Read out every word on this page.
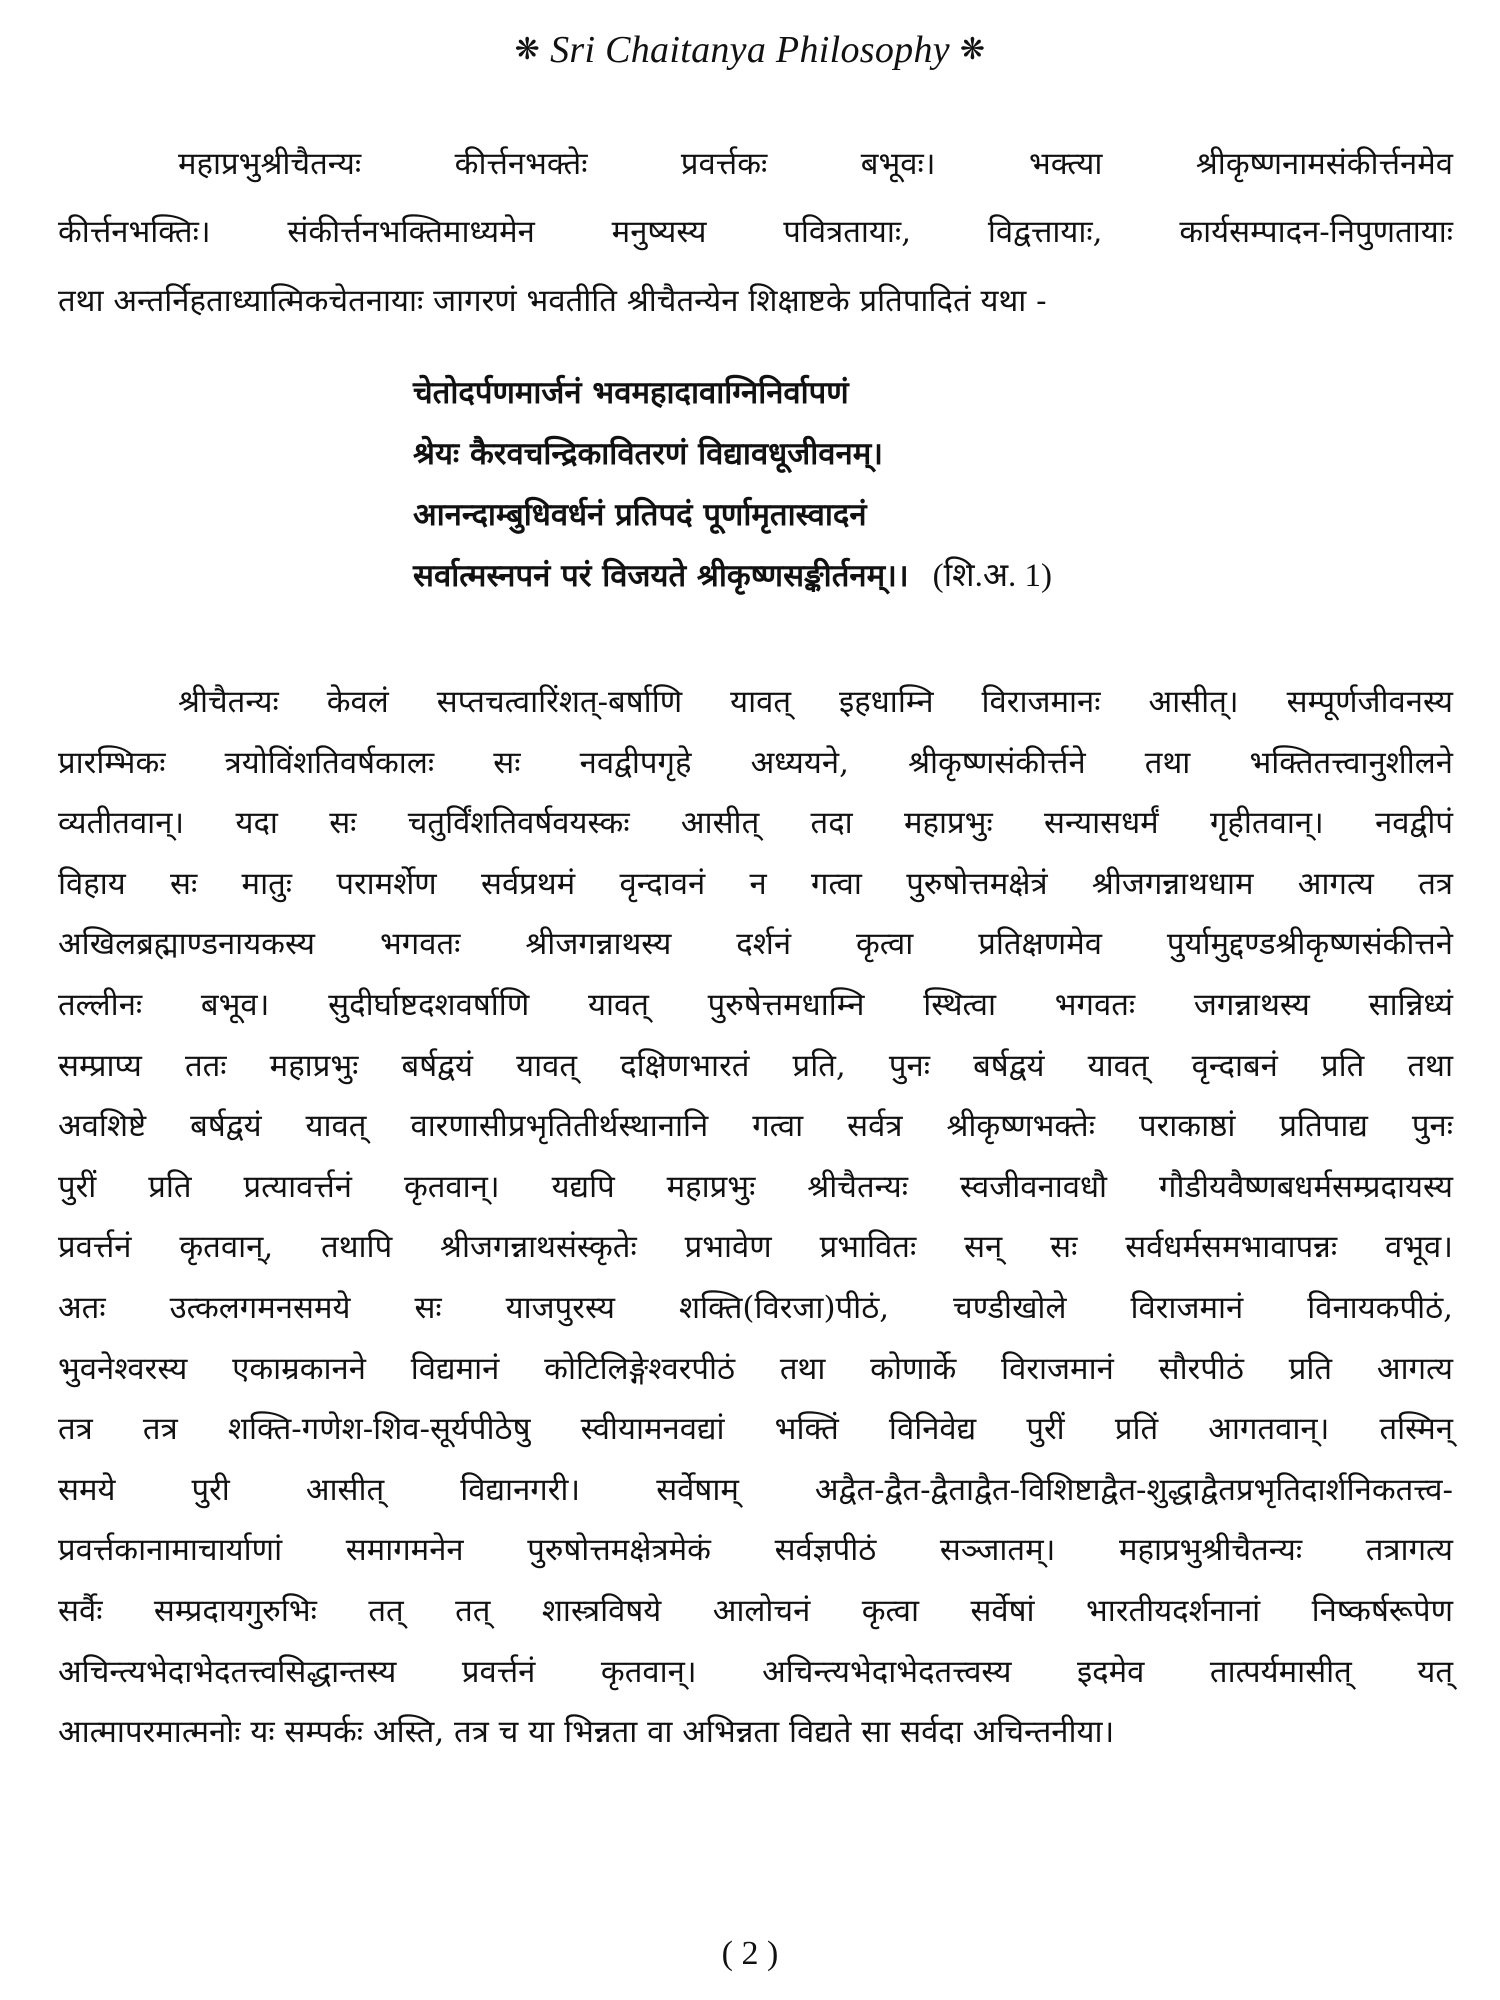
❋ Sri Chaitanya Philosophy ❋

महाप्रभुश्रीचैतन्यः कीर्त्तनभक्तेः प्रवर्त्तकः बभूवः। भक्त्या श्रीकृष्णनामसंकीर्त्तनमेव
कीर्त्तनभक्तिः। संकीर्त्तनभक्तिमाध्यमेन मनुष्यस्य पवित्रतायाः, विद्वत्तायाः, कार्यसम्पादन-निपुणतायाः
तथा अन्तर्निहताध्यात्मिकचेतनायाः जागरणं भवतीति श्रीचैतन्येन शिक्षाष्टके प्रतिपादितं यथा -

चेतोदर्पणमार्जनं भवमहादावाग्निनिर्वापणं
श्रेयः कैरवचन्द्रिकावितरणं विद्यावधूजीवनम्।
आनन्दाम्बुधिवर्धनं प्रतिपदं पूर्णामृतास्वादनं
सर्वात्मस्नपनं परं विजयते श्रीकृष्णसङ्कीर्तनम्।। (शि.अ. 1)

श्रीचैतन्यः केवलं सप्तचत्वारिंशत्-बर्षाणि यावत् इहधाम्नि विराजमानः आसीत्। सम्पूर्णजीवनस्य
प्रारम्भिकः त्रयोविंशतिवर्षकालः सः नवद्वीपगृहे अध्ययने, श्रीकृष्णसंकीर्त्तने तथा भक्तितत्त्वानुशीलने
व्यतीतवान्। यदा सः चतुर्विंशतिवर्षवयस्कः आसीत् तदा महाप्रभुः सन्यासधर्मं गृहीतवान्। नवद्वीपं
विहाय सः मातुः परामर्शेण सर्वप्रथमं वृन्दावनं न गत्वा पुरुषोत्तमक्षेत्रं श्रीजगन्नाथधाम आगत्य तत्र
अखिलब्रह्माण्डनायकस्य भगवतः श्रीजगन्नाथस्य दर्शनं कृत्वा प्रतिक्षणमेव पुर्यामुद्दण्डश्रीकृष्णसंकीत्तने
तल्लीनः बभूव। सुदीर्घाष्टदशवर्षाणि यावत् पुरुषेत्तमधाम्नि स्थित्वा भगवतः जगन्नाथस्य सान्निध्यं
सम्प्राप्य ततः महाप्रभुः बर्षद्वयं यावत् दक्षिणभारतं प्रति, पुनः बर्षद्वयं यावत् वृन्दाबनं प्रति तथा
अवशिष्टे बर्षद्वयं यावत् वारणासीप्रभृतितीर्थस्थानानि गत्वा सर्वत्र श्रीकृष्णभक्तेः पराकाष्ठां प्रतिपाद्य पुनः
पुरीं प्रति प्रत्यावर्त्तनं कृतवान्। यद्यपि महाप्रभुः श्रीचैतन्यः स्वजीवनावधौ गौडीयवैष्णबधर्मसम्प्रदायस्य
प्रवर्त्तनं कृतवान्, तथापि श्रीजगन्नाथसंस्कृतेः प्रभावेण प्रभावितः सन् सः सर्वधर्मसमभावापन्नः वभूव।
अतः उत्कलगमनसमये सः याजपुरस्य शक्ति(विरजा)पीठं, चण्डीखोले विराजमानं विनायकपीठं,
भुवनेश्वरस्य एकाम्रकानने विद्यमानं कोटिलिङ्गेश्वरपीठं तथा कोणार्के विराजमानं सौरपीठं प्रति आगत्य
तत्र तत्र शक्ति-गणेश-शिव-सूर्यपीठेषु स्वीयामनवद्यां भक्तिं विनिवेद्य पुरीं प्रतिं आगतवान्। तस्मिन्
समये पुरी आसीत् विद्यानगरी। सर्वेषाम् अद्वैत-द्वैत-द्वैताद्वैत-विशिष्टाद्वैत-शुद्धाद्वैतप्रभृतिदार्शनिकतत्त्व-
प्रवर्त्तकानामाचार्याणां समागमनेन पुरुषोत्तमक्षेत्रमेकं सर्वज्ञपीठं सञ्जातम्। महाप्रभुश्रीचैतन्यः तत्रागत्य
सर्वैः सम्प्रदायगुरुभिः तत् तत् शास्त्रविषये आलोचनं कृत्वा सर्वेषां भारतीयदर्शनानां निष्कर्षरूपेण
अचिन्त्यभेदाभेदतत्त्वसिद्धान्तस्य प्रवर्त्तनं कृतवान्। अचिन्त्यभेदाभेदतत्त्वस्य इदमेव तात्पर्यमासीत् यत्
आत्मापरमात्मनोः यः सम्पर्कः अस्ति, तत्र च या भिन्नता वा अभिन्नता विद्यते सा सर्वदा अचिन्तनीया।

( 2 )
